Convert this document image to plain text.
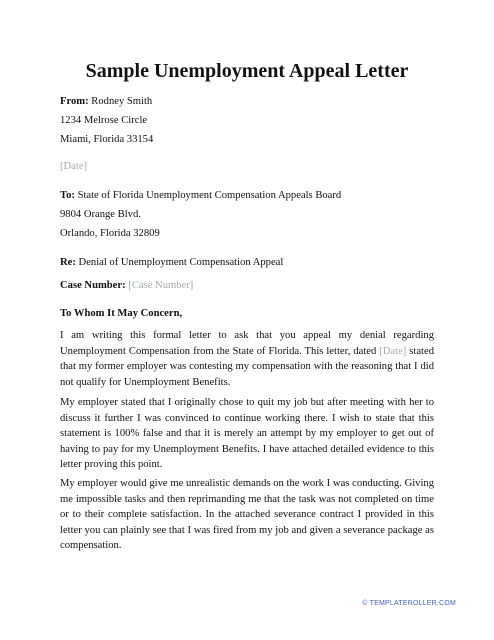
Sample Unemployment Appeal Letter
From: Rodney Smith
1234 Melrose Circle
Miami, Florida 33154
[Date]
To: State of Florida Unemployment Compensation Appeals Board
9804 Orange Blvd.
Orlando, Florida 32809
Re: Denial of Unemployment Compensation Appeal
Case Number: [Case Number]
To Whom It May Concern,
I am writing this formal letter to ask that you appeal my denial regarding Unemployment Compensation from the State of Florida. This letter, dated [Date] stated that my former employer was contesting my compensation with the reasoning that I did not qualify for Unemployment Benefits.
My employer stated that I originally chose to quit my job but after meeting with her to discuss it further I was convinced to continue working there. I wish to state that this statement is 100% false and that it is merely an attempt by my employer to get out of having to pay for my Unemployment Benefits. I have attached detailed evidence to this letter proving this point.
My employer would give me unrealistic demands on the work I was conducting. Giving me impossible tasks and then reprimanding me that the task was not completed on time or to their complete satisfaction. In the attached severance contract I provided in this letter you can plainly see that I was fired from my job and given a severance package as compensation.
© TEMPLATEROLLER.COM
